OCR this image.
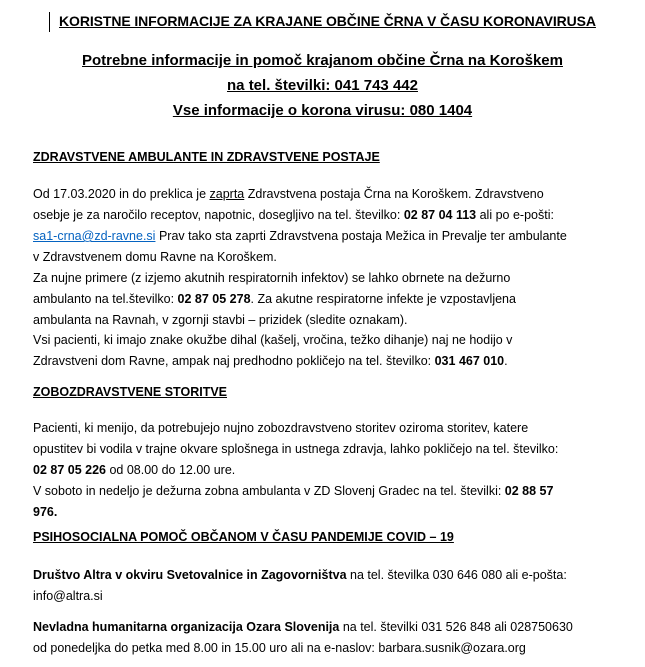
KORISTNE INFORMACIJE ZA KRAJANE OBČINE ČRNA V ČASU KORONAVIRUSA
Potrebne informacije in pomoč krajanom občine Črna na Koroškem
na tel. številki: 041 743 442
Vse informacije o korona virusu: 080 1404
ZDRAVSTVENE AMBULANTE IN ZDRAVSTVENE POSTAJE
Od 17.03.2020 in do preklica je zaprta Zdravstvena postaja Črna na Koroškem. Zdravstveno
osebje je za naročilo receptov, napotnic, dosegljivo na tel. številko: 02 87 04 113 ali po e-pošti:
sa1-crna@zd-ravne.si Prav tako sta zaprti Zdravstvena postaja Mežica in Prevalje ter ambulante
v Zdravstvenem domu Ravne na Koroškem.
Za nujne primere (z izjemo akutnih respiratornih infektov) se lahko obrnete na dežurno
ambulanto na tel.številko: 02 87 05 278. Za akutne respiratorne infekte je vzpostavljena
ambulanta na Ravnah, v zgornji stavbi – prizidek (sledite oznakam).
Vsi pacienti, ki imajo znake okužbe dihal (kašelj, vročina, težko dihanje) naj ne hodijo v
Zdravstveni dom Ravne, ampak naj predhodno pokličejo na tel. številko: 031 467 010.
ZOBOZDRAVSTVENE STORITVE
Pacienti, ki menijo, da potrebujejo nujno zobozdravstveno storitev oziroma storitev, katere
opustitev bi vodila v trajne okvare splošnega in ustnega zdravja, lahko pokličejo na tel. številko:
02 87 05 226 od 08.00 do 12.00 ure.
V soboto in nedeljo je dežurna zobna ambulanta v ZD Slovenj Gradec na tel. številki: 02 88 57
976.
PSIHOSOCIALNA POMOČ OBČANOM V ČASU PANDEMIJE COVID – 19
Društvo Altra v okviru Svetovalnice in Zagovorništva na tel. številka 030 646 080 ali e-pošta:
info@altra.si
Nevladna humanitarna organizacija Ozara Slovenija na tel. številki 031 526 848 ali 028750630
od ponedeljka do petka med 8.00 in 15.00 uro ali na e-naslov: barbara.susnik@ozara.org
